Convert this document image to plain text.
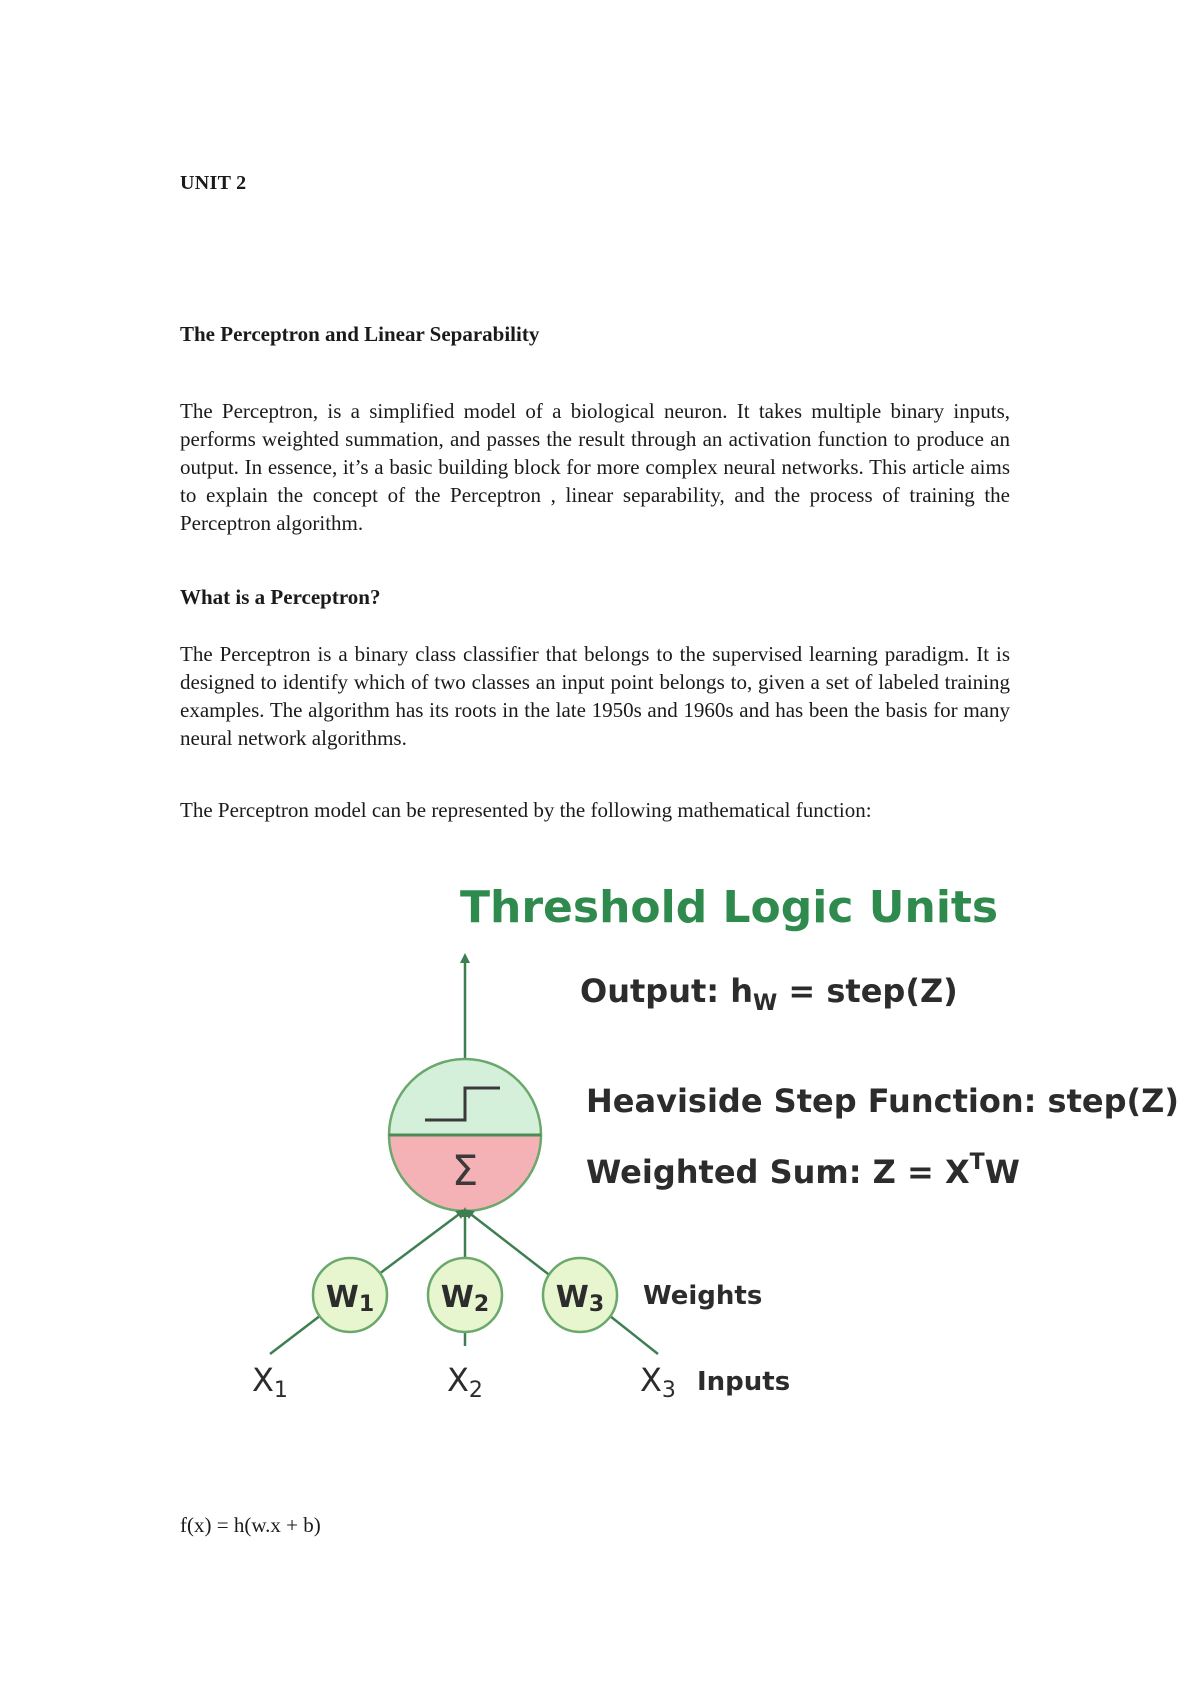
UNIT 2
The Perceptron and Linear Separability
The Perceptron, is a simplified model of a biological neuron. It takes multiple binary inputs, performs weighted summation, and passes the result through an activation function to produce an output. In essence, it’s a basic building block for more complex neural networks. This article aims to explain the concept of the Perceptron , linear separability, and the process of training the Perceptron algorithm.
What is a Perceptron?
The Perceptron is a binary class classifier that belongs to the supervised learning paradigm. It is designed to identify which of two classes an input point belongs to, given a set of labeled training examples. The algorithm has its roots in the late 1950s and 1960s and has been the basis for many neural network algorithms.
The Perceptron model can be represented by the following mathematical function:
Threshold Logic Units
Output: $h_W$ = step(Z)
Heaviside Step Function: step(Z)
Weighted Sum: $Z = X^TW$
Σ
W1 W2 W3 Weights
X1	X2	X3 Inputs
f(x) = h(w.x + b)
